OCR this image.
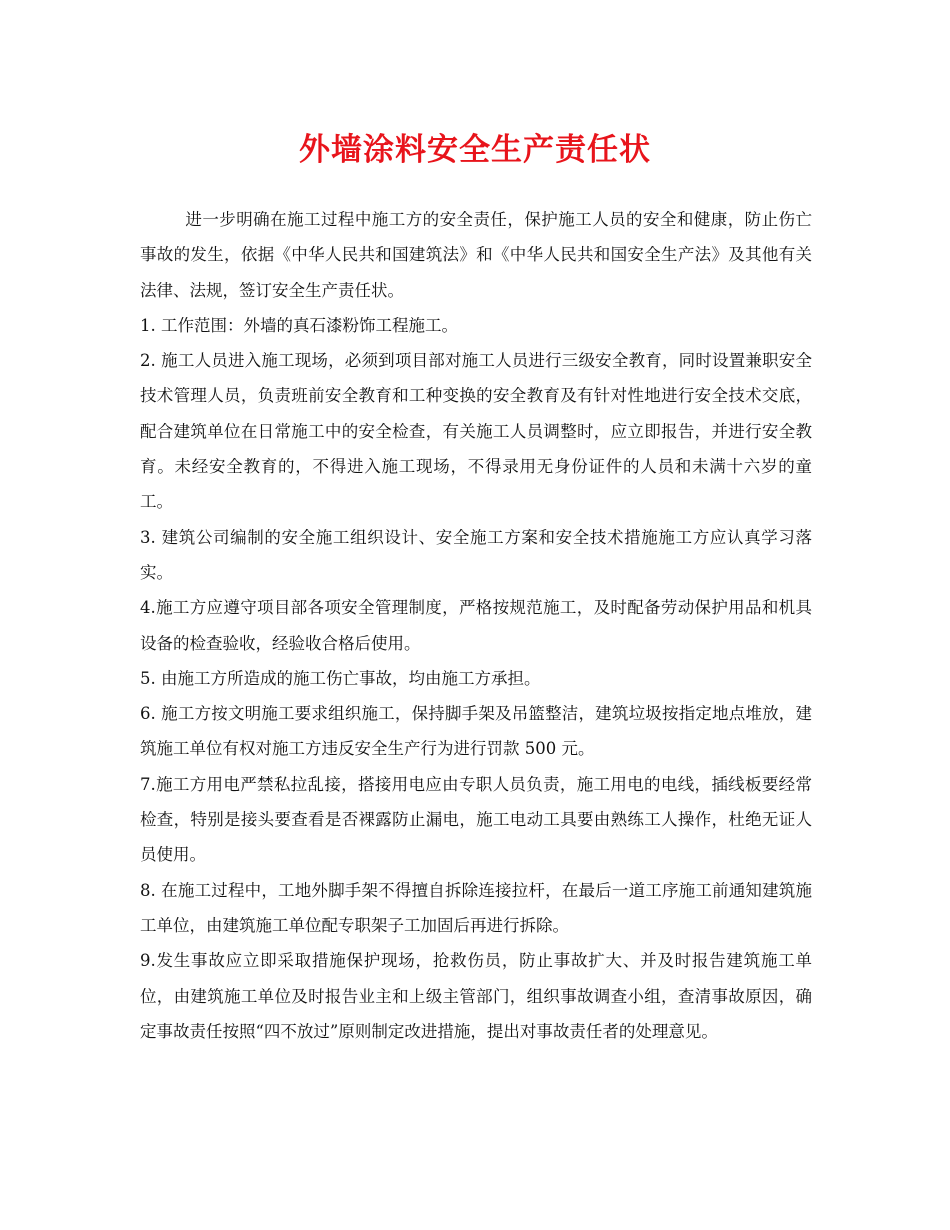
外墙涂料安全生产责任状

进一步明确在施工过程中施工方的安全责任，保护施工人员的安全和健康，防止伤亡事故的发生，依据《中华人民共和国建筑法》和《中华人民共和国安全生产法》及其他有关法律、法规，签订安全生产责任状。

1. 工作范围：外墙的真石漆粉饰工程施工。

2. 施工人员进入施工现场，必须到项目部对施工人员进行三级安全教育，同时设置兼职安全技术管理人员，负责班前安全教育和工种变换的安全教育及有针对性地进行安全技术交底，配合建筑单位在日常施工中的安全检查，有关施工人员调整时，应立即报告，并进行安全教育。未经安全教育的，不得进入施工现场，不得录用无身份证件的人员和未满十六岁的童工。

3. 建筑公司编制的安全施工组织设计、安全施工方案和安全技术措施施工方应认真学习落实。

4.施工方应遵守项目部各项安全管理制度，严格按规范施工，及时配备劳动保护用品和机具设备的检查验收，经验收合格后使用。

5. 由施工方所造成的施工伤亡事故，均由施工方承担。

6. 施工方按文明施工要求组织施工，保持脚手架及吊篮整洁，建筑垃圾按指定地点堆放，建筑施工单位有权对施工方违反安全生产行为进行罚款 500 元。

7.施工方用电严禁私拉乱接，搭接用电应由专职人员负责，施工用电的电线，插线板要经常检查，特别是接头要查看是否裸露防止漏电，施工电动工具要由熟练工人操作，杜绝无证人员使用。

8. 在施工过程中，工地外脚手架不得擅自拆除连接拉杆，在最后一道工序施工前通知建筑施工单位，由建筑施工单位配专职架子工加固后再进行拆除。

9.发生事故应立即采取措施保护现场，抢救伤员，防止事故扩大、并及时报告建筑施工单位，由建筑施工单位及时报告业主和上级主管部门，组织事故调查小组，查清事故原因，确定事故责任按照“四不放过”原则制定改进措施，提出对事故责任者的处理意见。
